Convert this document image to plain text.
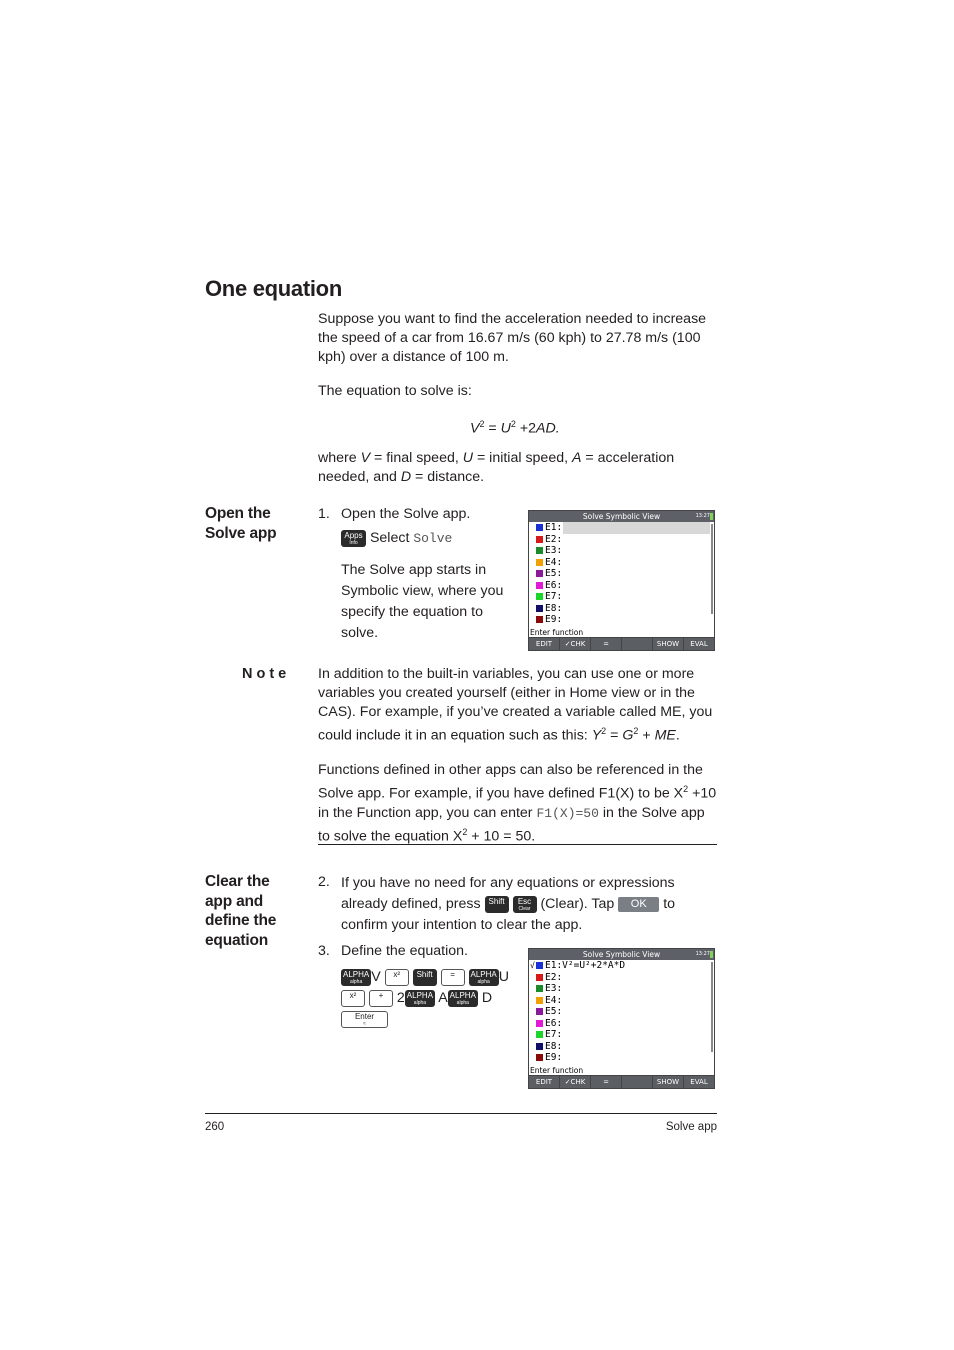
One equation
Suppose you want to find the acceleration needed to increase the speed of a car from 16.67 m/s (60 kph) to 27.78 m/s (100 kph) over a distance of 100 m.
The equation to solve is:
$V^2 = U^2 +2AD$.
where V = final speed, U = initial speed, A = acceleration needed, and D = distance.
Open the
Solve app
1. Open the Solve app.
Apps
Info Select Solve
The Solve app starts in Symbolic view, where you specify the equation to solve.
Solve Symbolic View	13:27
E1:
E2:
E3:
E4:
E5:
E6:
E7:
E8:
E9:
Enter function
EDIT	✓CHK	=	SHOW	EVAL
Note In addition to the built-in variables, you can use one or more variables you created yourself (either in Home view or in the CAS). For example, if you’ve created a variable called ME, you could include it in an equation such as this: $Y^2 = G^2$ + ME.
Functions defined in other apps can also be referenced in the Solve app. For example, if you have defined F1(X) to be $X^2 +10$ in the Function app, you can enter F1(X)=50 in the Solve app to solve the equation $X^2 + 10 = 50$.
Clear the
app and
define the
equation
2. If you have no need for any equations or expressions already defined, press Shift Esc
Clear (Clear). Tap OK to confirm your intention to clear the app.
3. Define the equation.
ALPHA
alpha V x² Shift = ALPHA
alpha U
x²	+ 2 ALPHA
alpha A ALPHA
alpha D
Enter
≈
Solve Symbolic View	13:27
√ E1:V²=U²+2*A*D
E2:
E3:
E4:
E5:
E6:
E7:
E8:
E9:
Enter function
EDIT	✓CHK	=	SHOW	EVAL
260	Solve app
